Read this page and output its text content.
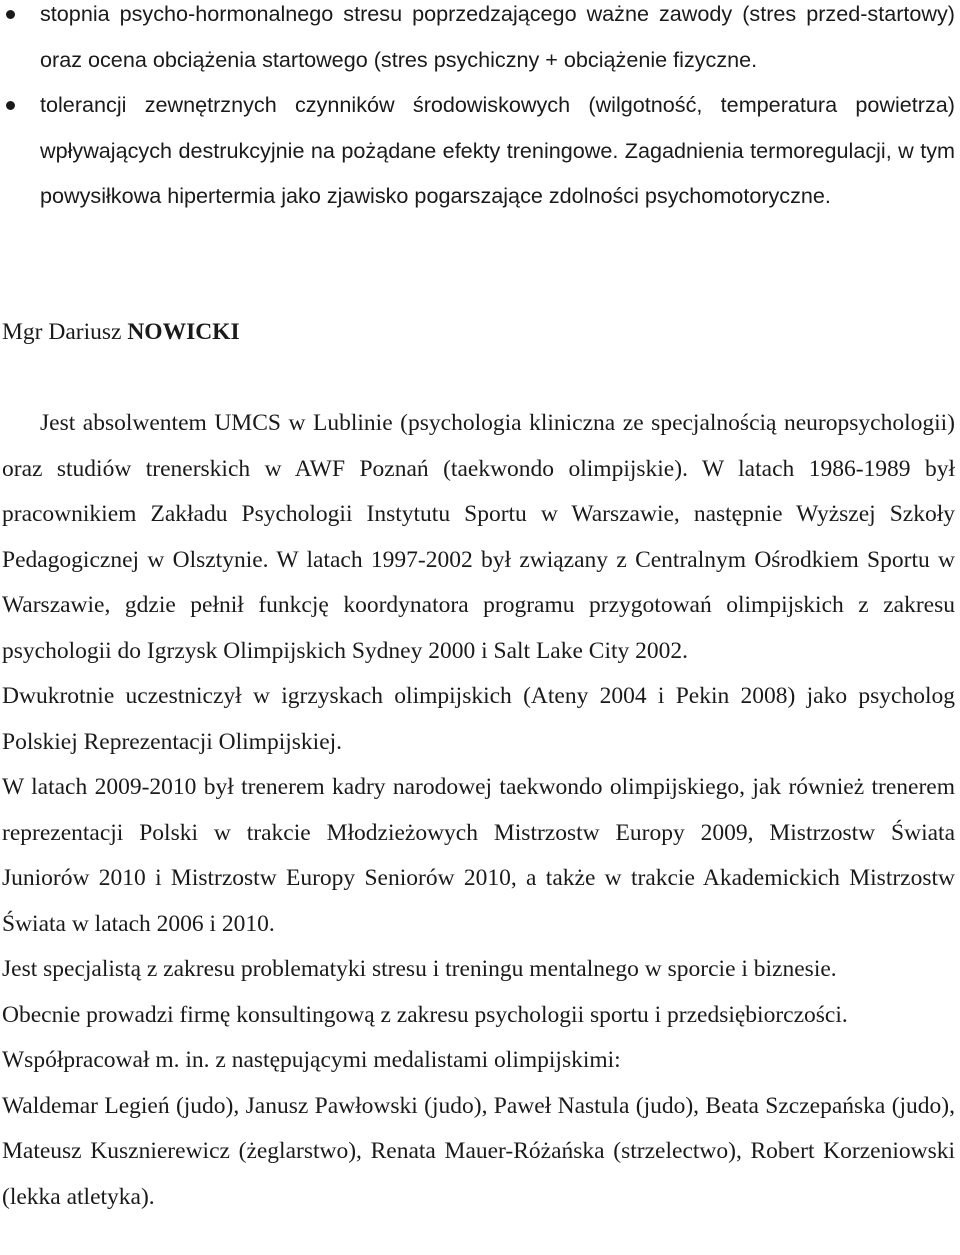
stopnia psycho-hormonalnego stresu poprzedzającego ważne zawody (stres przed-startowy) oraz ocena obciążenia startowego (stres psychiczny + obciążenie fizyczne.

tolerancji zewnętrznych czynników środowiskowych (wilgotność, temperatura powietrza) wpływających destrukcyjnie na pożądane efekty treningowe. Zagadnienia termoregulacji, w tym powysiłkowa hipertermia jako zjawisko pogarszające zdolności psychomotoryczne.

Mgr Dariusz NOWICKI

Jest absolwentem UMCS w Lublinie (psychologia kliniczna ze specjalnością neuropsychologii) oraz studiów trenerskich w AWF Poznań (taekwondo olimpijskie). W latach 1986-1989 był pracownikiem Zakładu Psychologii Instytutu Sportu w Warszawie, następnie Wyższej Szkoły Pedagogicznej w Olsztynie. W latach 1997-2002 był związany z Centralnym Ośrodkiem Sportu w Warszawie, gdzie pełnił funkcję koordynatora programu przygotowań olimpijskich z zakresu psychologii do Igrzysk Olimpijskich Sydney 2000 i Salt Lake City 2002.

Dwukrotnie uczestniczył w igrzyskach olimpijskich (Ateny 2004 i Pekin 2008) jako psycholog Polskiej Reprezentacji Olimpijskiej.

W latach 2009-2010 był trenerem kadry narodowej taekwondo olimpijskiego, jak również trenerem reprezentacji Polski w trakcie Młodzieżowych Mistrzostw Europy 2009, Mistrzostw Świata Juniorów 2010 i Mistrzostw Europy Seniorów 2010, a także w trakcie Akademickich Mistrzostw Świata w latach 2006 i 2010.

Jest specjalistą z zakresu problematyki stresu i treningu mentalnego w sporcie i biznesie.

Obecnie prowadzi firmę konsultingową z zakresu psychologii sportu i przedsiębiorczości.

Współpracował m. in. z następującymi medalistami olimpijskimi:

Waldemar Legień (judo), Janusz Pawłowski (judo), Paweł Nastula (judo), Beata Szczepańska (judo), Mateusz Kusznierewicz (żeglarstwo), Renata Mauer-Różańska (strzelectwo), Robert Korzeniowski (lekka atletyka).
